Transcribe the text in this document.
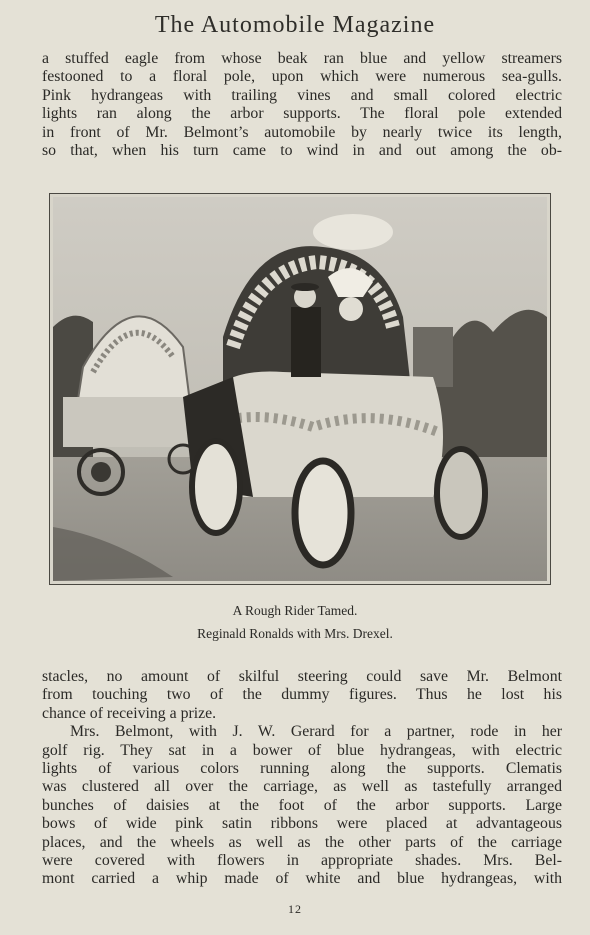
The Automobile Magazine
a stuffed eagle from whose beak ran blue and yellow streamers
festooned to a floral pole, upon which were numerous sea-gulls.
Pink hydrangeas with trailing vines and small colored electric
lights ran along the arbor supports. The floral pole extended
in front of Mr. Belmont’s automobile by nearly twice its length,
so that, when his turn came to wind in and out among the ob-
A Rough Rider Tamed.
Reginald Ronalds with Mrs. Drexel.
stacles, no amount of skilful steering could save Mr. Belmont
from touching two of the dummy figures. Thus he lost his
chance of receiving a prize.
Mrs. Belmont, with J. W. Gerard for a partner, rode in her
golf rig. They sat in a bower of blue hydrangeas, with electric
lights of various colors running along the supports. Clematis
was clustered all over the carriage, as well as tastefully arranged
bunches of daisies at the foot of the arbor supports. Large
bows of wide pink satin ribbons were placed at advantageous
places, and the wheels as well as the other parts of the carriage
were covered with flowers in appropriate shades. Mrs. Bel-
mont carried a whip made of white and blue hydrangeas, with
12
